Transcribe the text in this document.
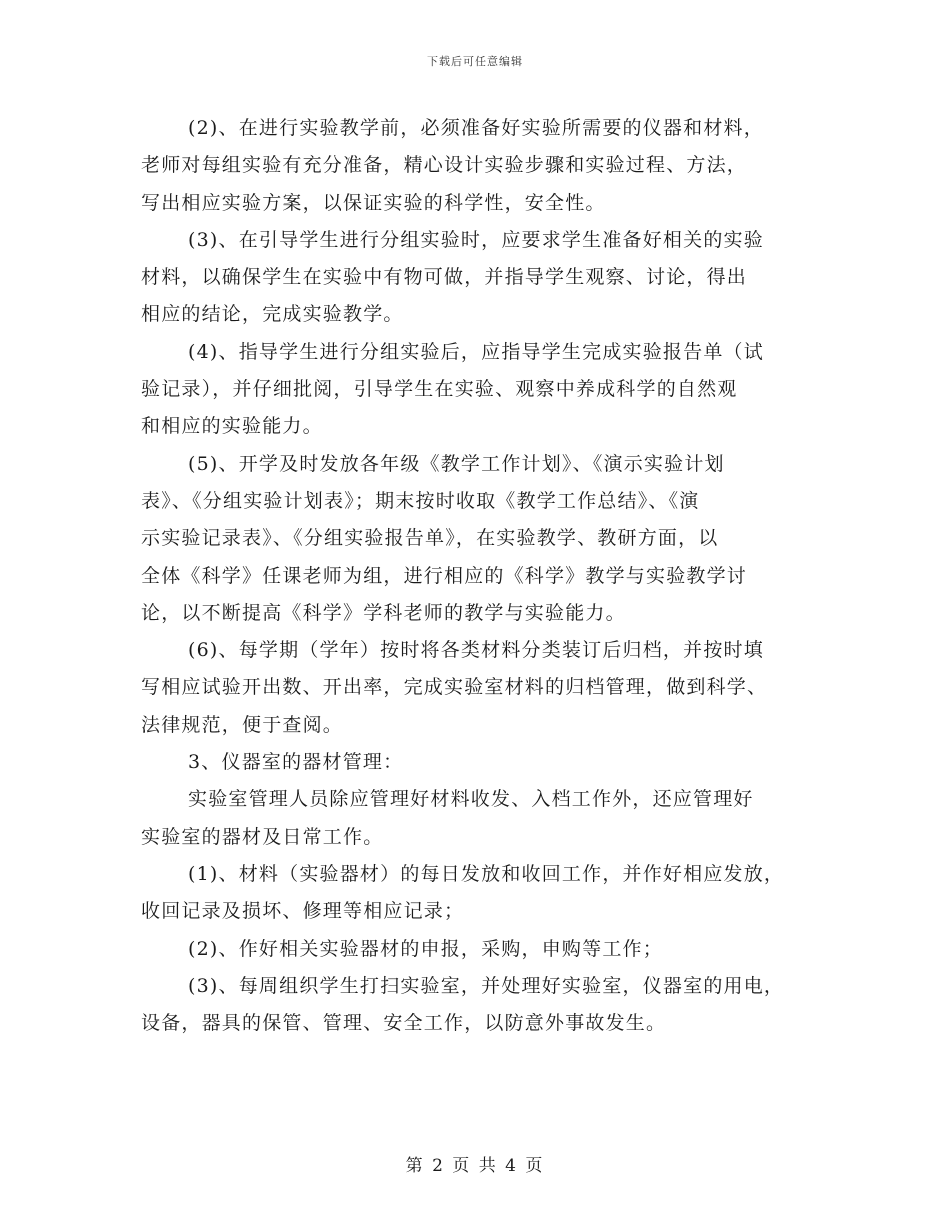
下载后可任意编辑
(2)、在进行实验教学前，必须准备好实验所需要的仪器和材料，
老师对每组实验有充分准备，精心设计实验步骤和实验过程、方法，
写出相应实验方案，以保证实验的科学性，安全性。
(3)、在引导学生进行分组实验时，应要求学生准备好相关的实验
材料，以确保学生在实验中有物可做，并指导学生观察、讨论，得出
相应的结论，完成实验教学。
(4)、指导学生进行分组实验后，应指导学生完成实验报告单（试
验记录），并仔细批阅，引导学生在实验、观察中养成科学的自然观
和相应的实验能力。
(5)、开学及时发放各年级《教学工作计划》、《演示实验计划
表》、《分组实验计划表》；期末按时收取《教学工作总结》、《演
示实验记录表》、《分组实验报告单》，在实验教学、教研方面，以
全体《科学》任课老师为组，进行相应的《科学》教学与实验教学讨
论，以不断提高《科学》学科老师的教学与实验能力。
(6)、每学期（学年）按时将各类材料分类装订后归档，并按时填
写相应试验开出数、开出率，完成实验室材料的归档管理，做到科学、
法律规范，便于查阅。
3、仪器室的器材管理：
实验室管理人员除应管理好材料收发、入档工作外，还应管理好
实验室的器材及日常工作。
(1)、材料（实验器材）的每日发放和收回工作，并作好相应发放，
收回记录及损坏、修理等相应记录；
(2)、作好相关实验器材的申报，采购，申购等工作；
(3)、每周组织学生打扫实验室，并处理好实验室，仪器室的用电，
设备，器具的保管、管理、安全工作，以防意外事故发生。
第 2 页 共 4 页
